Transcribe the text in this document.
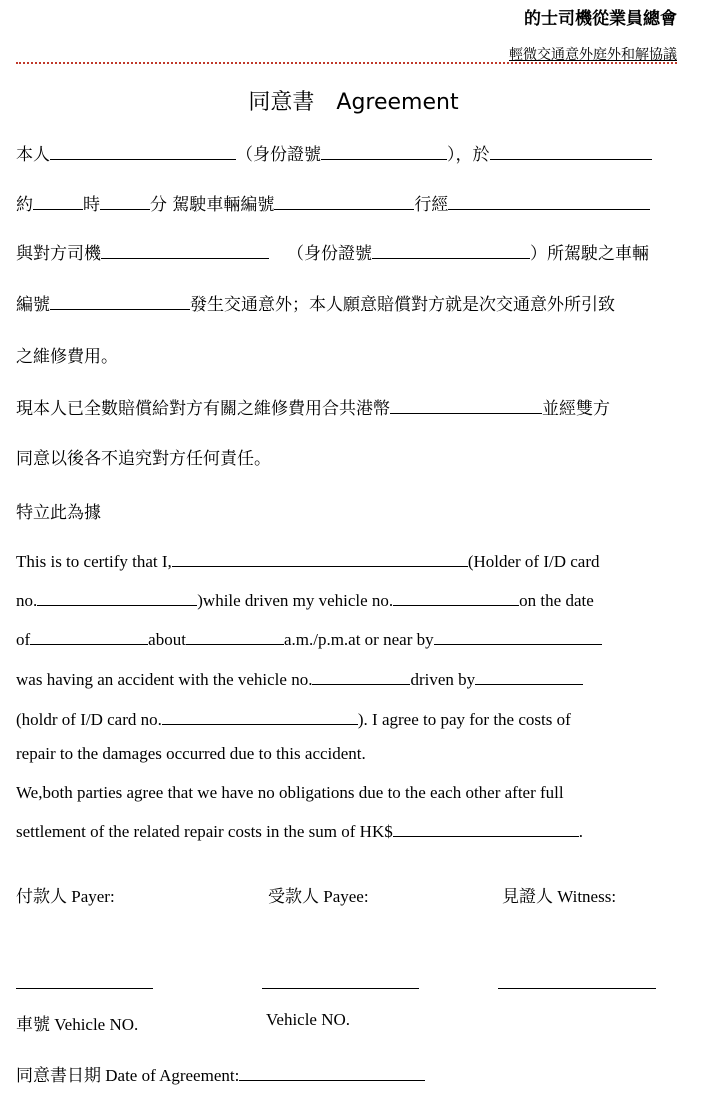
的士司機從業員總會
輕微交通意外庭外和解協議
同意書　Agreement
本人	（身份證號	），於
約	時	分 駕駛車輛編號	行經
與對方司機	（身份證號	）所駕駛之車輛
編號	發生交通意外；本人願意賠償對方就是次交通意外所引致
之維修費用。
現本人已全數賠償給對方有關之維修費用合共港幣	並經雙方
同意以後各不追究對方任何責任。
特立此為據
This is to certify that I,	(Holder of I/D card
no.	)while driven my vehicle no.	on the date
of	about	a.m./p.m.at or near by
was having an accident with the vehicle no.	driven by
(holdr of I/D card no.	). I agree to pay for the costs of
repair to the damages occurred due to this accident.
We,both parties agree that we have no obligations due to the each other after full
settlement of the related repair costs in the sum of HK$	.
付款人 Payer:	受款人 Payee:	見證人 Witness:
車號 Vehicle NO.	Vehicle NO.
同意書日期 Date of Agreement:
